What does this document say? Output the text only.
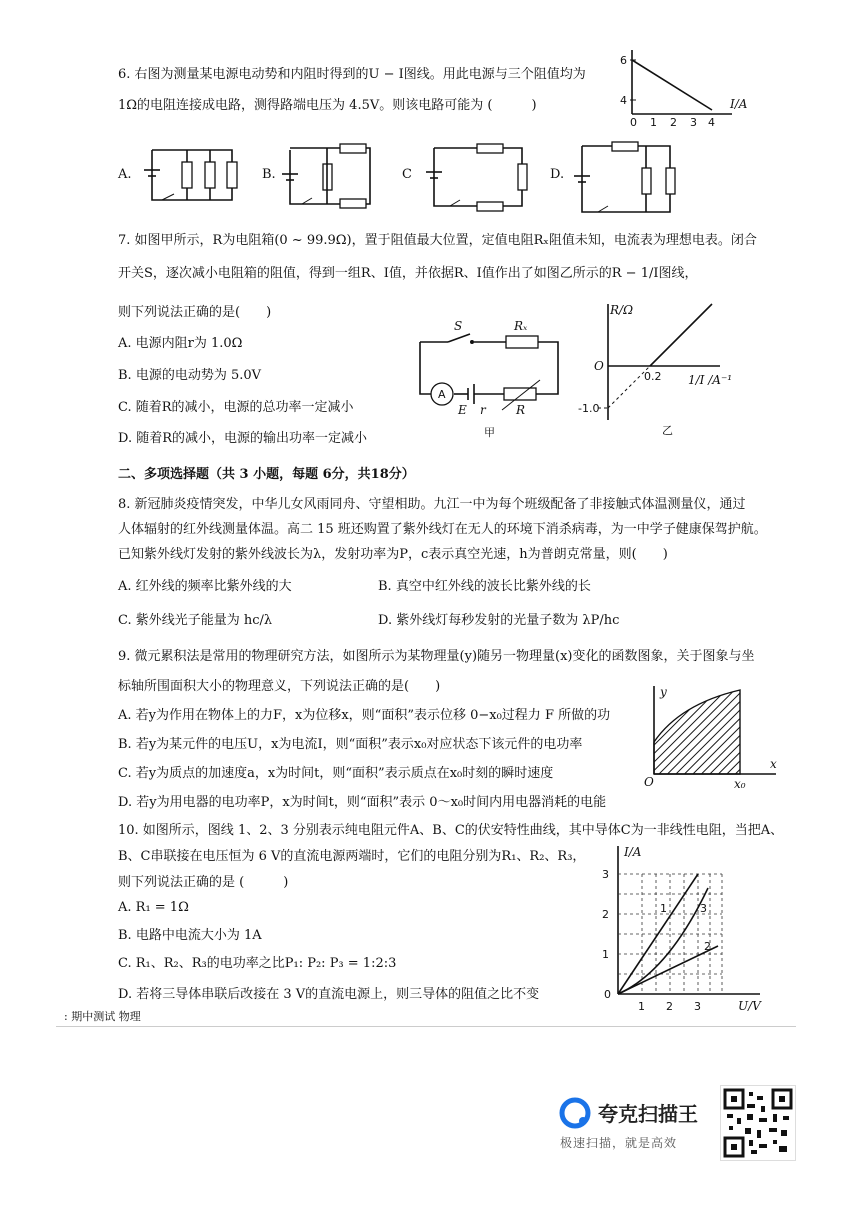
6. 右图为测量某电源电动势和内阻时得到的U − I图线。用此电源与三个阻值均为
1Ω的电阻连接成电路，测得路端电压为 4.5V。则该电路可能为 (　　　)
6
4
0 1 2 3 4
I/A
A.	B.	C	D.
7. 如图甲所示，R为电阻箱(0 ~ 99.9Ω)，置于阻值最大位置，定值电阻Rₓ阻值未知，电流表为理想电表。闭合
开关S，逐次减小电阻箱的阻值，得到一组R、I值，并依据R、I值作出了如图乙所示的R − 1/I图线，
则下列说法正确的是(　　)
A. 电源内阻r为 1.0Ω
B. 电源的电动势为 5.0V
C. 随着R的减小，电源的总功率一定减小
D. 随着R的减小，电源的输出功率一定减小
S	Rₓ
A
E r	R
甲
R/Ω
O
0.2 1/I /A⁻¹
-1.0
乙
二、多项选择题（共 3 小题，每题 6分，共18分）
8. 新冠肺炎疫情突发，中华儿女风雨同舟、守望相助。九江一中为每个班级配备了非接触式体温测量仪，通过
人体辐射的红外线测量体温。高二 15 班还购置了紫外线灯在无人的环境下消杀病毒，为一中学子健康保驾护航。
已知紫外线灯发射的紫外线波长为λ，发射功率为P，c表示真空光速，h为普朗克常量，则(　　)
A. 红外线的频率比紫外线的大	B. 真空中红外线的波长比紫外线的长
C. 紫外线光子能量为 hc/λ	D. 紫外线灯每秒发射的光量子数为 λP/hc
9. 微元累积法是常用的物理研究方法，如图所示为某物理量(y)随另一物理量(x)变化的函数图象，关于图象与坐
标轴所围面积大小的物理意义，下列说法正确的是(　　)
A. 若y为作用在物体上的力F，x为位移x，则“面积”表示位移 0−x₀过程力 F 所做的功
B. 若y为某元件的电压U，x为电流I，则“面积”表示x₀对应状态下该元件的电功率
C. 若y为质点的加速度a，x为时间t，则“面积”表示质点在x₀时刻的瞬时速度
D. 若y为用电器的电功率P，x为时间t，则“面积”表示 0～x₀时间内用电器消耗的电能
y
x
O	x₀
10. 如图所示，图线 1、2、3 分别表示纯电阻元件A、B、C的伏安特性曲线，其中导体C为一非线性电阻，当把A、
B、C串联接在电压恒为 6 V的直流电源两端时，它们的电阻分别为R₁、R₂、R₃，
则下列说法正确的是 (　　　)
A. R₁ = 1Ω
B. 电路中电流大小为 1A
C. R₁、R₂、R₃的电功率之比P₁: P₂: P₃ = 1:2:3
D. 若将三导体串联后改接在 3 V的直流电源上，则三导体的阻值之比不变
I/A
3
2
1
0
1 2 3	U/V
1
2
3
: 期中测试 物理
夸克扫描王
极速扫描，就是高效
